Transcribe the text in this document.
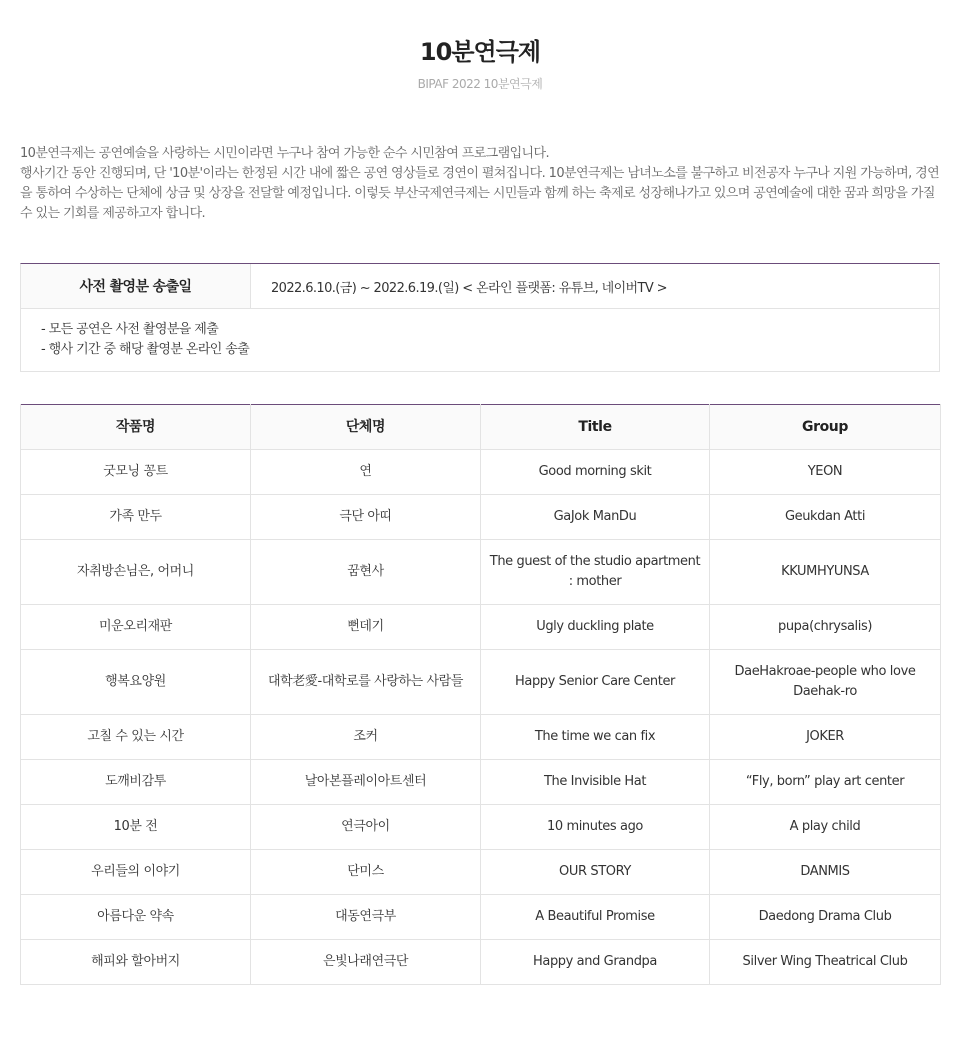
10분연극제
BIPAF 2022 10분연극제

10분연극제는 공연예술을 사랑하는 시민이라면 누구나 참여 가능한 순수 시민참여 프로그램입니다.

행사기간 동안 진행되며, 단 '10분'이라는 한정된 시간 내에 짧은 공연 영상들로 경연이 펼쳐집니다. 10분연극제는 남녀노소를 불구하고 비전공자 누구나 지원 가능하며, 경연을 통하여 수상하는 단체에 상금 및 상장을 전달할 예정입니다. 이렇듯 부산국제연극제는 시민들과 함께 하는 축제로 성장해나가고 있으며 공연예술에 대한 꿈과 희망을 가질 수 있는 기회를 제공하고자 합니다.

사전 촬영분 송출일	2022.6.10.(금) ~ 2022.6.19.(일) < 온라인 플랫폼: 유튜브, 네이버TV >
- 모든 공연은 사전 촬영분을 제출
- 행사 기간 중 해당 촬영분 온라인 송출
작품명	단체명	Title	Group
굿모닝 꽁트	연	Good morning skit	YEON
가족 만두	극단 아띠	GaJok ManDu	Geukdan Atti
자취방손님은, 어머니	꿈현사	The guest of the studio apartment : mother	KKUMHYUNSA
미운오리재판	뻔데기	Ugly duckling plate	pupa(chrysalis)
행복요양원	대학老愛-대학로를 사랑하는 사람들	Happy Senior Care Center	DaeHakroae-people who love Daehak-ro
고칠 수 있는 시간	조커	The time we can fix	JOKER
도깨비감투	날아본플레이아트센터	The Invisible Hat	“Fly, born” play art center
10분 전	연극아이	10 minutes ago	A play child
우리들의 이야기	단미스	OUR STORY	DANMIS
아름다운 약속	대동연극부	A Beautiful Promise	Daedong Drama Club
해피와 할아버지	은빛나래연극단	Happy and Grandpa	Silver Wing Theatrical Club
